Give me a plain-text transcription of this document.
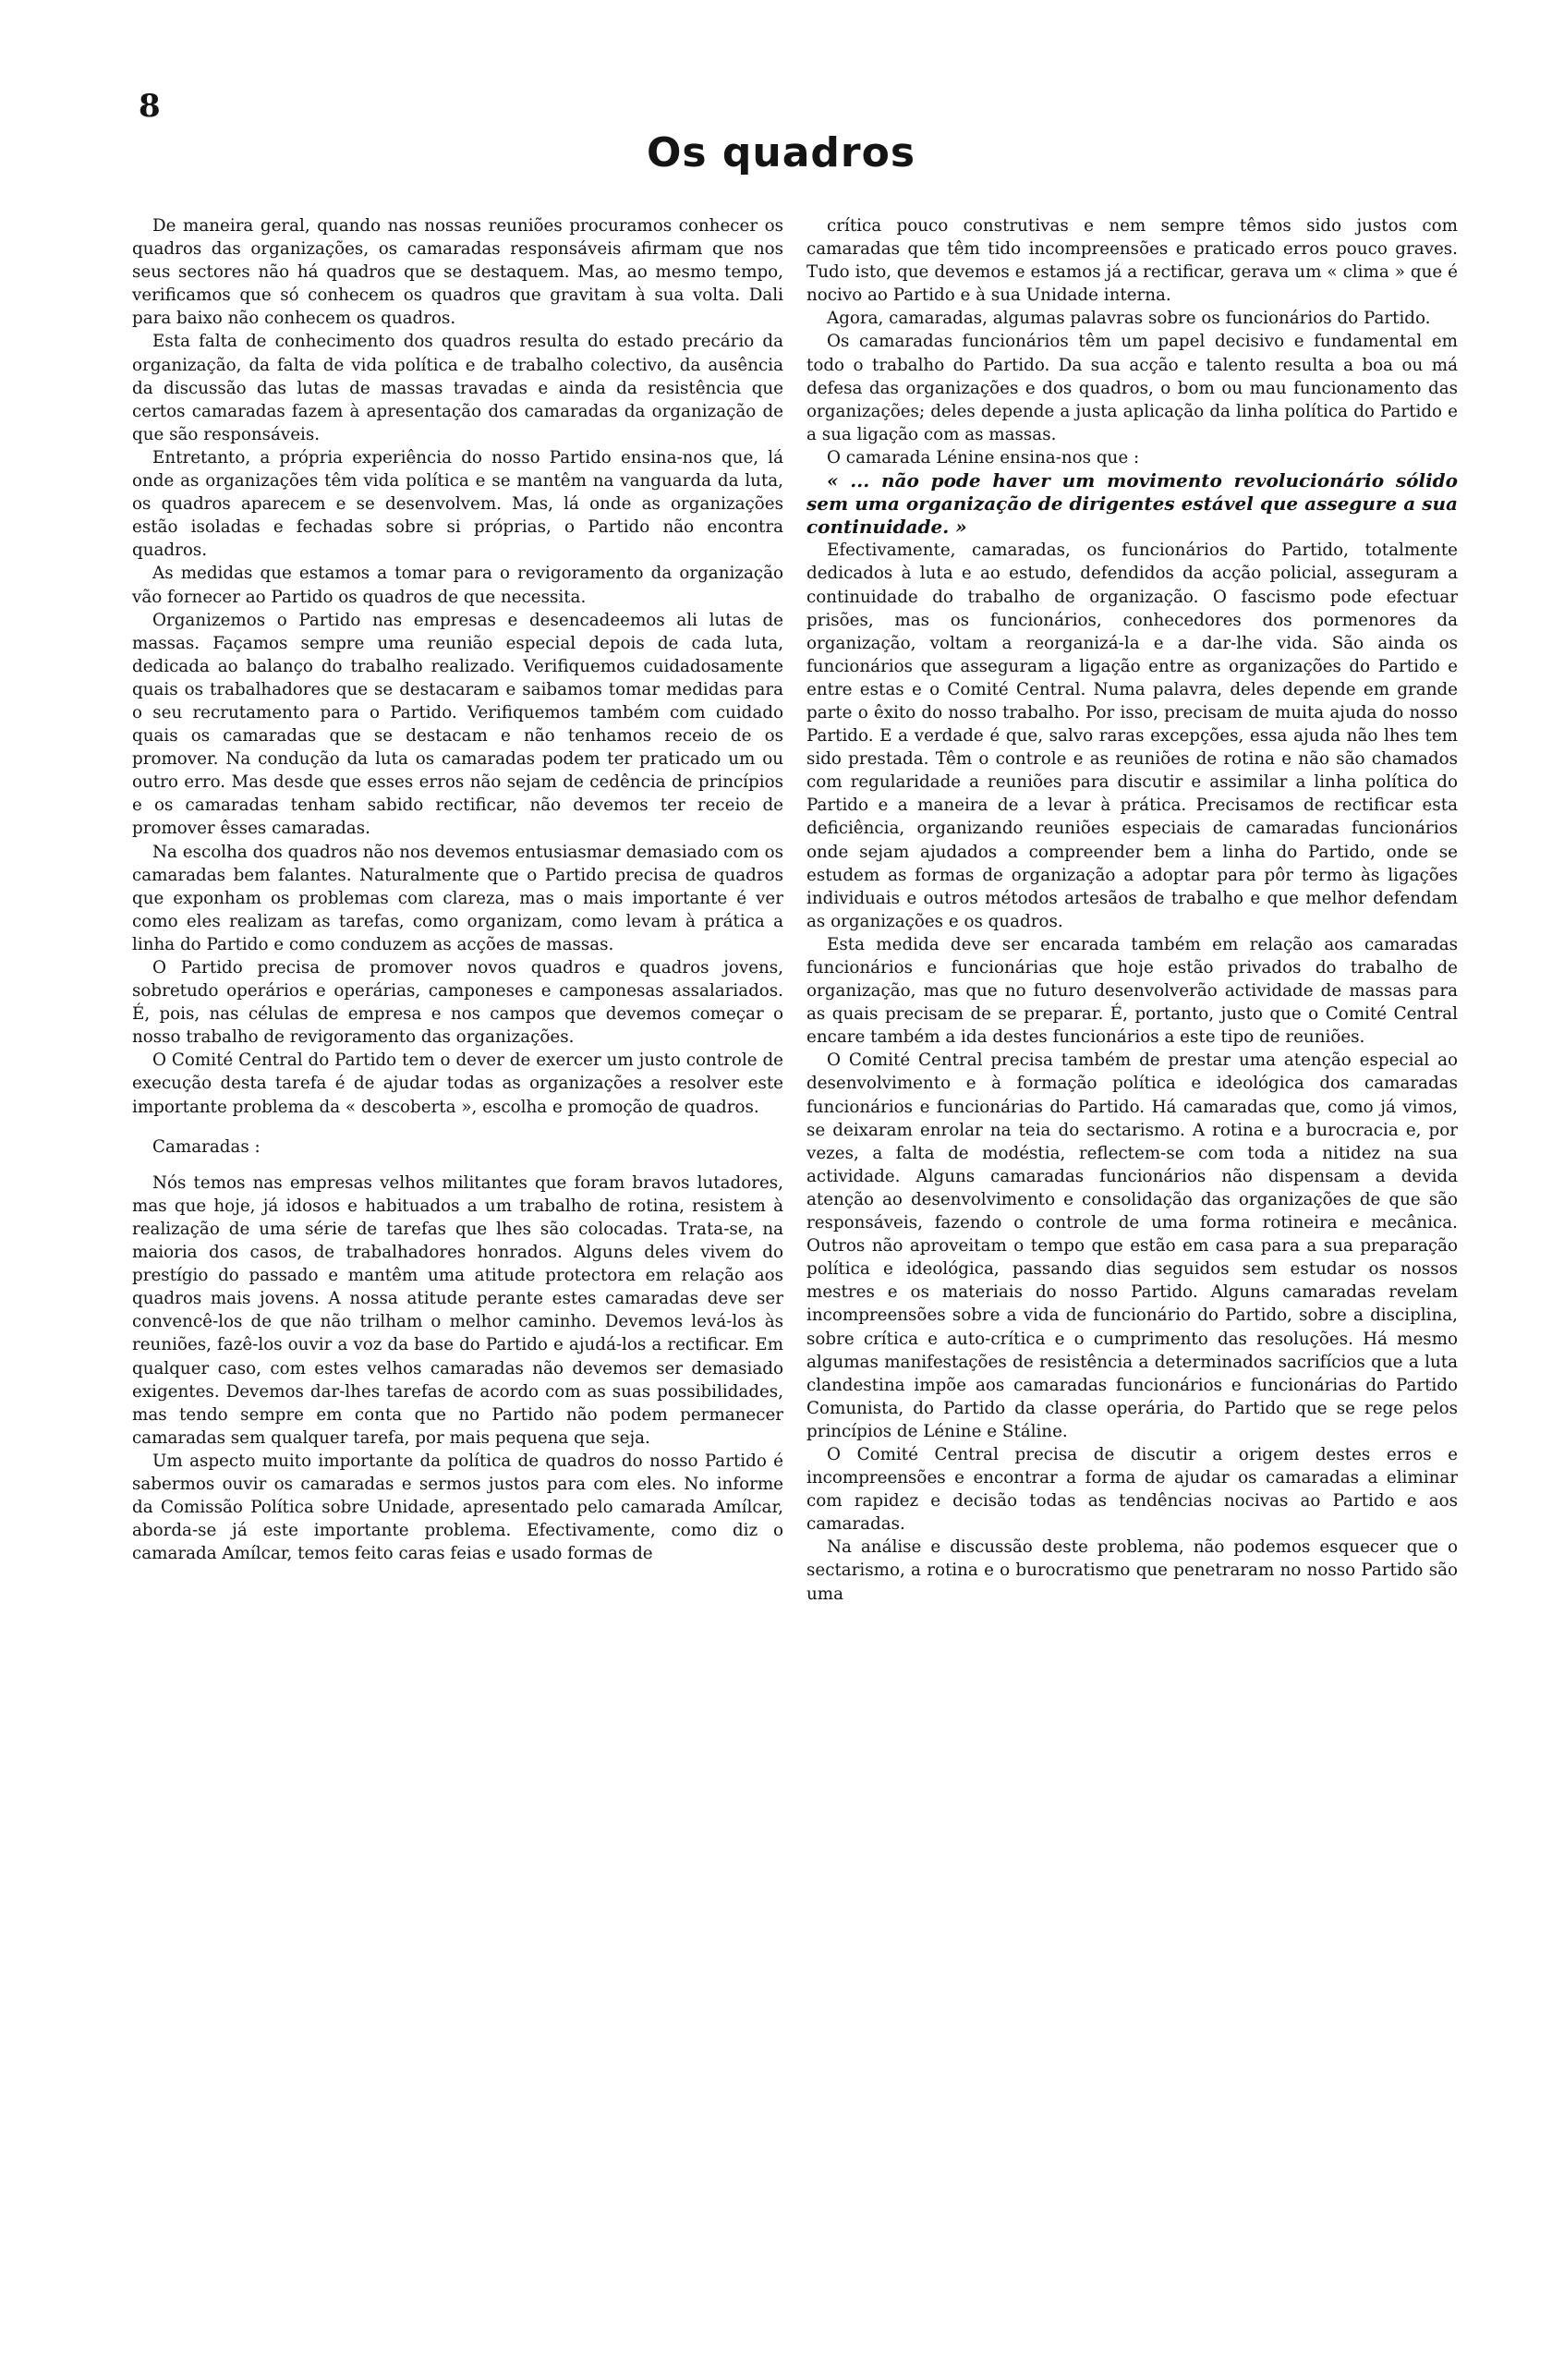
8
Os quadros

De maneira geral, quando nas nossas reuniões procuramos conhecer os quadros das organizações, os camaradas responsáveis afirmam que nos seus sectores não há quadros que se destaquem. Mas, ao mesmo tempo, verificamos que só conhecem os quadros que gravitam à sua volta. Dali para baixo não conhecem os quadros.

Esta falta de conhecimento dos quadros resulta do estado precário da organização, da falta de vida política e de trabalho colectivo, da ausência da discussão das lutas de massas travadas e ainda da resistência que certos camaradas fazem à apresentação dos camaradas da organização de que são responsáveis.

Entretanto, a própria experiência do nosso Partido ensina-nos que, lá onde as organizações têm vida política e se mantêm na vanguarda da luta, os quadros aparecem e se desenvolvem. Mas, lá onde as organizações estão isoladas e fechadas sobre si próprias, o Partido não encontra quadros.

As medidas que estamos a tomar para o revigoramento da organização vão fornecer ao Partido os quadros de que necessita.

Organizemos o Partido nas empresas e desencadeemos ali lutas de massas. Façamos sempre uma reunião especial depois de cada luta, dedicada ao balanço do trabalho realizado. Verifiquemos cuidadosamente quais os trabalhadores que se destacaram e saibamos tomar medidas para o seu recrutamento para o Partido. Verifiquemos também com cuidado quais os camaradas que se destacam e não tenhamos receio de os promover. Na condução da luta os camaradas podem ter praticado um ou outro erro. Mas desde que esses erros não sejam de cedência de princípios e os camaradas tenham sabido rectificar, não devemos ter receio de promover êsses camaradas.

Na escolha dos quadros não nos devemos entusiasmar demasiado com os camaradas bem falantes. Naturalmente que o Partido precisa de quadros que exponham os problemas com clareza, mas o mais importante é ver como eles realizam as tarefas, como organizam, como levam à prática a linha do Partido e como conduzem as acções de massas.

O Partido precisa de promover novos quadros e quadros jovens, sobretudo operários e operárias, camponeses e camponesas assalariados. É, pois, nas células de empresa e nos campos que devemos começar o nosso trabalho de revigoramento das organizações.

O Comité Central do Partido tem o dever de exercer um justo controle de execução desta tarefa é de ajudar todas as organizações a resolver este importante problema da « descoberta », escolha e promoção de quadros.

Camaradas :

Nós temos nas empresas velhos militantes que foram bravos lutadores, mas que hoje, já idosos e habituados a um trabalho de rotina, resistem à realização de uma série de tarefas que lhes são colocadas. Trata-se, na maioria dos casos, de trabalhadores honrados. Alguns deles vivem do prestígio do passado e mantêm uma atitude protectora em relação aos quadros mais jovens. A nossa atitude perante estes camaradas deve ser convencê-los de que não trilham o melhor caminho. Devemos levá-los às reuniões, fazê-los ouvir a voz da base do Partido e ajudá-los a rectificar. Em qualquer caso, com estes velhos camaradas não devemos ser demasiado exigentes. Devemos dar-lhes tarefas de acordo com as suas possibilidades, mas tendo sempre em conta que no Partido não podem permanecer camaradas sem qualquer tarefa, por mais pequena que seja.

Um aspecto muito importante da política de quadros do nosso Partido é sabermos ouvir os camaradas e sermos justos para com eles. No informe da Comissão Política sobre Unidade, apresentado pelo camarada Amílcar, aborda-se já este importante problema. Efectivamente, como diz o camarada Amílcar, temos feito caras feias e usado formas de

crítica pouco construtivas e nem sempre têmos sido justos com camaradas que têm tido incompreensões e praticado erros pouco graves. Tudo isto, que devemos e estamos já a rectificar, gerava um « clima » que é nocivo ao Partido e à sua Unidade interna.

Agora, camaradas, algumas palavras sobre os funcionários do Partido.

Os camaradas funcionários têm um papel decisivo e fundamental em todo o trabalho do Partido. Da sua acção e talento resulta a boa ou má defesa das organizações e dos quadros, o bom ou mau funcionamento das organizações; deles depende a justa aplicação da linha política do Partido e a sua ligação com as massas.

O camarada Lénine ensina-nos que :

« ... não pode haver um movimento revolucionário sólido sem uma organização de dirigentes estável que assegure a sua continuidade. »

Efectivamente, camaradas, os funcionários do Partido, totalmente dedicados à luta e ao estudo, defendidos da acção policial, asseguram a continuidade do trabalho de organização. O fascismo pode efectuar prisões, mas os funcionários, conhecedores dos pormenores da organização, voltam a reorganizá-la e a dar-lhe vida. São ainda os funcionários que asseguram a ligação entre as organizações do Partido e entre estas e o Comité Central. Numa palavra, deles depende em grande parte o êxito do nosso trabalho. Por isso, precisam de muita ajuda do nosso Partido. E a verdade é que, salvo raras excepções, essa ajuda não lhes tem sido prestada. Têm o controle e as reuniões de rotina e não são chamados com regularidade a reuniões para discutir e assimilar a linha política do Partido e a maneira de a levar à prática. Precisamos de rectificar esta deficiência, organizando reuniões especiais de camaradas funcionários onde sejam ajudados a compreender bem a linha do Partido, onde se estudem as formas de organização a adoptar para pôr termo às ligações individuais e outros métodos artesãos de trabalho e que melhor defendam as organizações e os quadros.

Esta medida deve ser encarada também em relação aos camaradas funcionários e funcionárias que hoje estão privados do trabalho de organização, mas que no futuro desenvolverão actividade de massas para as quais precisam de se preparar. É, portanto, justo que o Comité Central encare também a ida destes funcionários a este tipo de reuniões.

O Comité Central precisa também de prestar uma atenção especial ao desenvolvimento e à formação política e ideológica dos camaradas funcionários e funcionárias do Partido. Há camaradas que, como já vimos, se deixaram enrolar na teia do sectarismo. A rotina e a burocracia e, por vezes, a falta de modéstia, reflectem-se com toda a nitidez na sua actividade. Alguns camaradas funcionários não dispensam a devida atenção ao desenvolvimento e consolidação das organizações de que são responsáveis, fazendo o controle de uma forma rotineira e mecânica. Outros não aproveitam o tempo que estão em casa para a sua preparação política e ideológica, passando dias seguidos sem estudar os nossos mestres e os materiais do nosso Partido. Alguns camaradas revelam incompreensões sobre a vida de funcionário do Partido, sobre a disciplina, sobre crítica e auto-crítica e o cumprimento das resoluções. Há mesmo algumas manifestações de resistência a determinados sacrifícios que a luta clandestina impõe aos camaradas funcionários e funcionárias do Partido Comunista, do Partido da classe operária, do Partido que se rege pelos princípios de Lénine e Stáline.

O Comité Central precisa de discutir a origem destes erros e incompreensões e encontrar a forma de ajudar os camaradas a eliminar com rapidez e decisão todas as tendências nocivas ao Partido e aos camaradas.

Na análise e discussão deste problema, não podemos esquecer que o sectarismo, a rotina e o burocratismo que penetraram no nosso Partido são uma
